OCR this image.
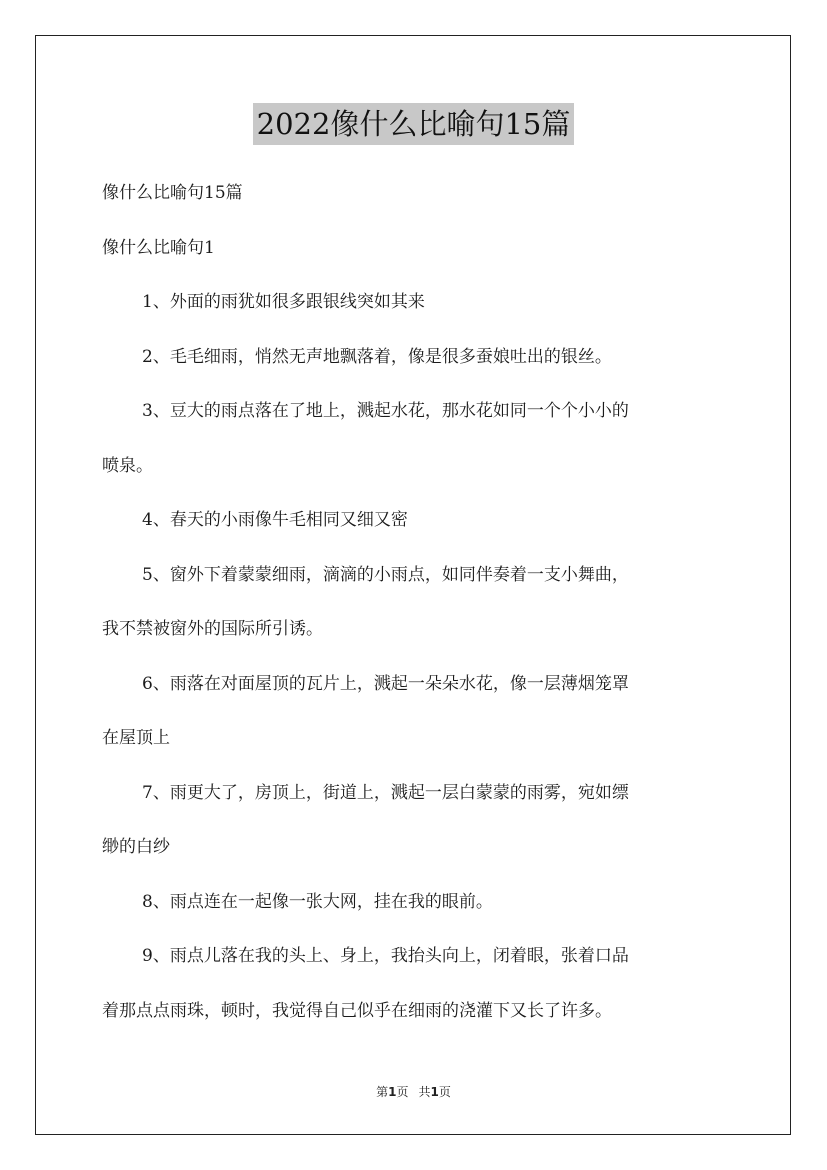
2022像什么比喻句15篇
像什么比喻句15篇
像什么比喻句1
1、外面的雨犹如很多跟银线突如其来
2、毛毛细雨，悄然无声地飘落着，像是很多蚕娘吐出的银丝。
3、豆大的雨点落在了地上，溅起水花，那水花如同一个个小小的
喷泉。
4、春天的小雨像牛毛相同又细又密
5、窗外下着蒙蒙细雨，滴滴的小雨点，如同伴奏着一支小舞曲，
我不禁被窗外的国际所引诱。
6、雨落在对面屋顶的瓦片上，溅起一朵朵水花，像一层薄烟笼罩
在屋顶上
7、雨更大了，房顶上，街道上，溅起一层白蒙蒙的雨雾，宛如缥
缈的白纱
8、雨点连在一起像一张大网，挂在我的眼前。
9、雨点儿落在我的头上、身上，我抬头向上，闭着眼，张着口品
着那点点雨珠，顿时，我觉得自己似乎在细雨的浇灌下又长了许多。
第1页 共1页
